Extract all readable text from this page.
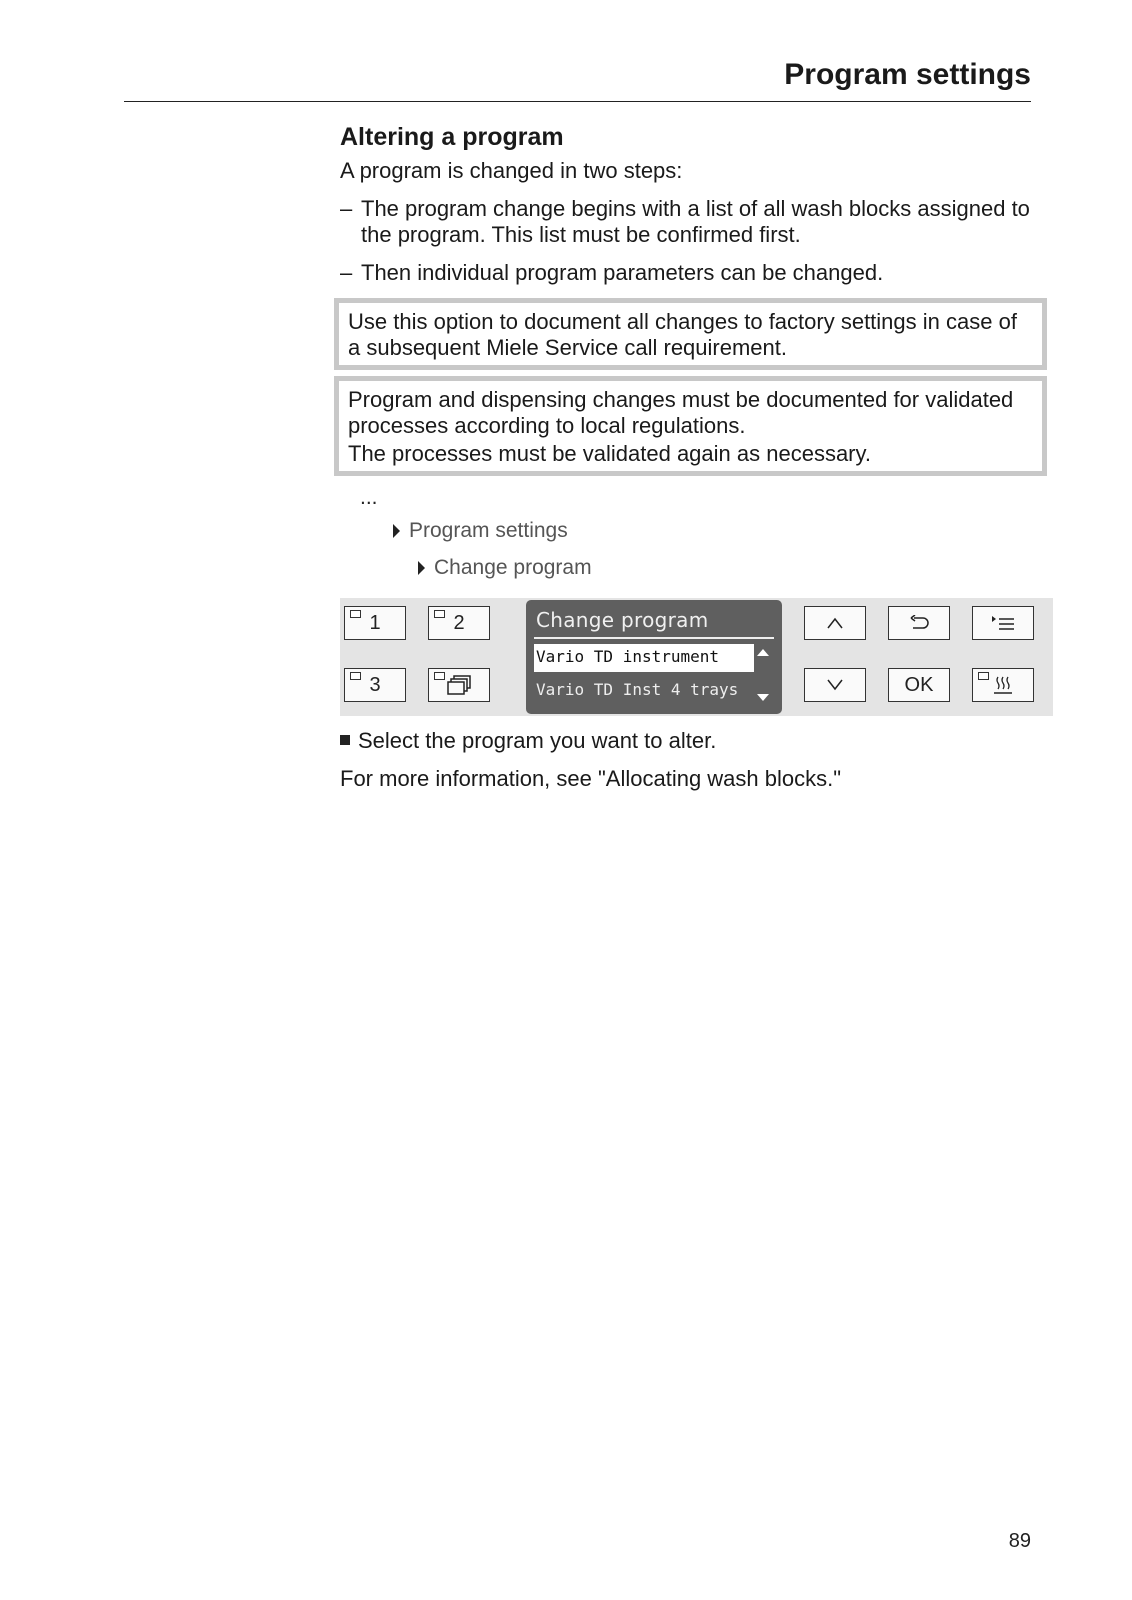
Program settings
Altering a program

A program is changed in two steps:

– The program change begins with a list of all wash blocks assigned to the program. This list must be confirmed first.
– Then individual program parameters can be changed.

Use this option to document all changes to factory settings in case of a subsequent Miele Service call requirement.

Program and dispensing changes must be documented for validated processes according to local regulations.

The processes must be validated again as necessary.

...
Program settings
Change program
1	2
3
Change program
Vario TD instrument
Vario TD Inst 4 trays	OK

Select the program you want to alter.

For more information, see "Allocating wash blocks."

89
